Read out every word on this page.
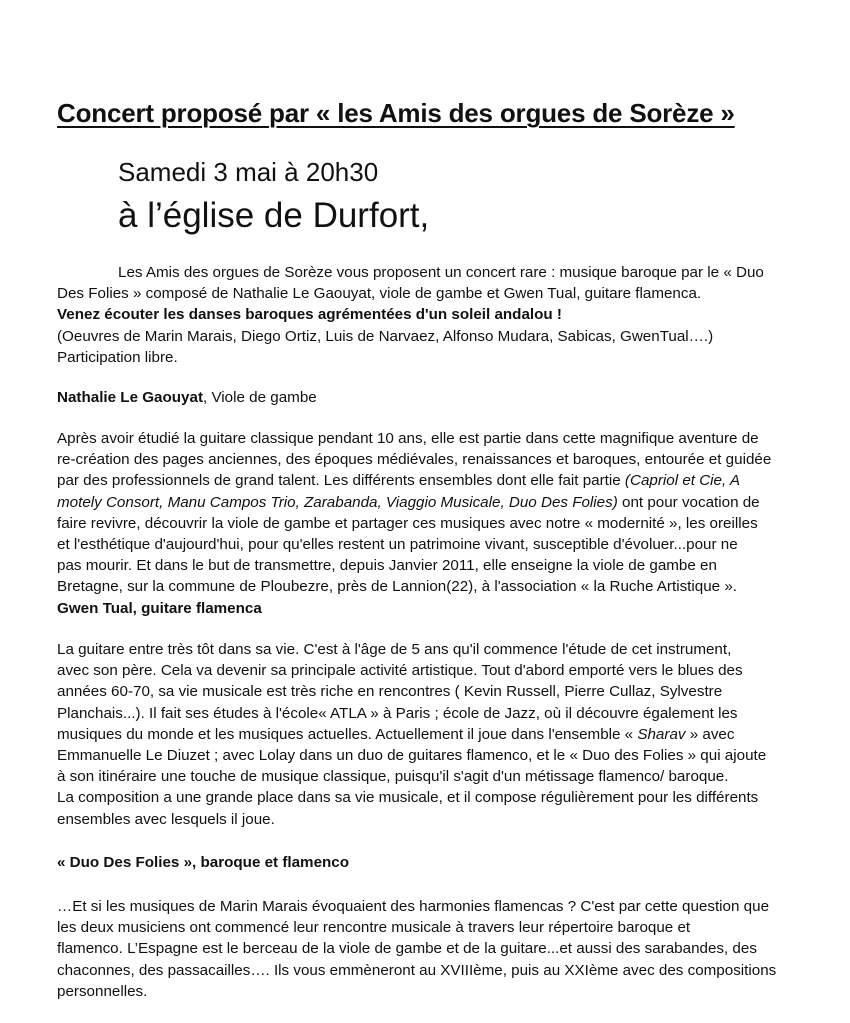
Concert proposé par « les Amis des orgues de Sorèze »
Samedi 3 mai à 20h30
à l’église de Durfort,
Les Amis des orgues de Sorèze vous proposent un concert rare : musique baroque par le « Duo
Des Folies » composé de Nathalie Le Gaouyat, viole de gambe et Gwen Tual, guitare flamenca.
Venez écouter les danses baroques agrémentées d'un soleil andalou !
(Oeuvres de Marin Marais, Diego Ortiz, Luis de Narvaez, Alfonso Mudara, Sabicas, GwenTual….)
Participation libre.
Nathalie Le Gaouyat, Viole de gambe
Après avoir étudié la guitare classique pendant 10 ans, elle est partie dans cette magnifique aventure de
re-création des pages anciennes, des époques médiévales, renaissances et baroques, entourée et guidée
par des professionnels de grand talent. Les différents ensembles dont elle fait partie (Capriol et Cie, A
motely Consort, Manu Campos Trio, Zarabanda, Viaggio Musicale, Duo Des Folies) ont pour vocation de
faire revivre, découvrir la viole de gambe et partager ces musiques avec notre « modernité », les oreilles
et l'esthétique d'aujourd'hui, pour qu'elles restent un patrimoine vivant, susceptible d'évoluer...pour ne
pas mourir. Et dans le but de transmettre, depuis Janvier 2011, elle enseigne la viole de gambe en
Bretagne, sur la commune de Ploubezre, près de Lannion(22), à l'association « la Ruche Artistique ».
Gwen Tual, guitare flamenca
La guitare entre très tôt dans sa vie. C'est à l'âge de 5 ans qu'il commence l'étude de cet instrument,
avec son père. Cela va devenir sa principale activité artistique. Tout d'abord emporté vers le blues des
années 60-70, sa vie musicale est très riche en rencontres ( Kevin Russell, Pierre Cullaz, Sylvestre
Planchais...). Il fait ses études à l'école« ATLA » à Paris ; école de Jazz, où il découvre également les
musiques du monde et les musiques actuelles. Actuellement il joue dans l'ensemble « Sharav » avec
Emmanuelle Le Diuzet ; avec Lolay dans un duo de guitares flamenco, et le « Duo des Folies » qui ajoute
à son itinéraire une touche de musique classique, puisqu'il s'agit d'un métissage flamenco/ baroque.
La composition a une grande place dans sa vie musicale, et il compose régulièrement pour les différents
ensembles avec lesquels il joue.
« Duo Des Folies », baroque et flamenco
…Et si les musiques de Marin Marais évoquaient des harmonies flamencas ? C'est par cette question que
les deux musiciens ont commencé leur rencontre musicale à travers leur répertoire baroque et
flamenco. L’Espagne est le berceau de la viole de gambe et de la guitare...et aussi des sarabandes, des
chaconnes, des passacailles…. Ils vous emmèneront au XVIIIème, puis au XXIème avec des compositions
personnelles.
